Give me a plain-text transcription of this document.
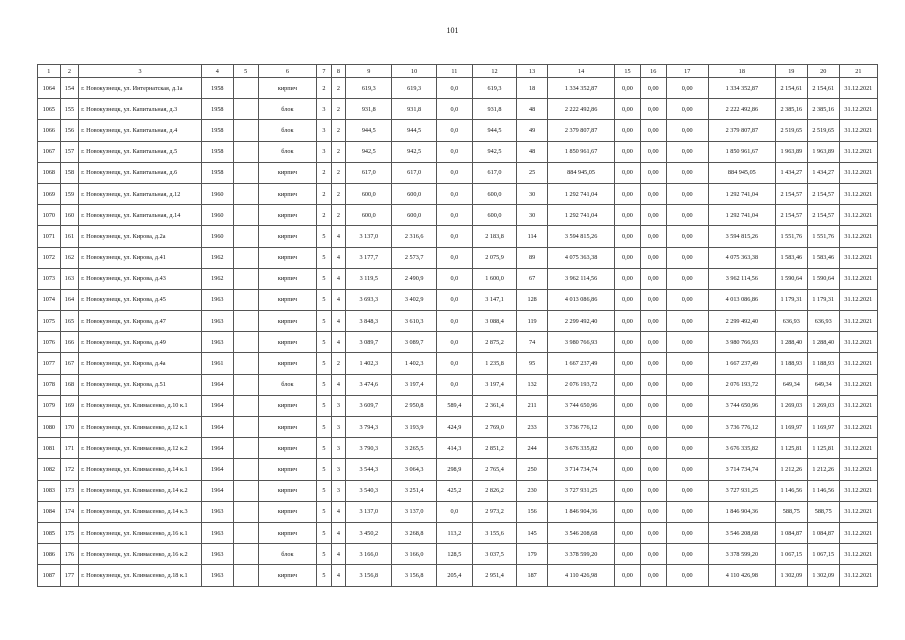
101
1	2	3	4	5	6	7	8	9	10	11	12	13	14	15	16	17	18	19	20	21
1064	154	г. Новокузнецк, ул. Интернатская, д.1а	1958		кирпич	2	2	619,3	619,3	0,0	619,3	18	1 334 352,87	0,00	0,00	0,00	1 334 352,87	2 154,61	2 154,61	31.12.2021
1065	155	г. Новокузнецк, ул. Капитальная, д.3	1958		блок	3	2	931,8	931,8	0,0	931,8	48	2 222 492,86	0,00	0,00	0,00	2 222 492,86	2 385,16	2 385,16	31.12.2021
1066	156	г. Новокузнецк, ул. Капитальная, д.4	1958		блок	3	2	944,5	944,5	0,0	944,5	49	2 379 807,87	0,00	0,00	0,00	2 379 807,87	2 519,65	2 519,65	31.12.2021
1067	157	г. Новокузнецк, ул. Капитальная, д.5	1958		блок	3	2	942,5	942,5	0,0	942,5	48	1 850 961,67	0,00	0,00	0,00	1 850 961,67	1 963,89	1 963,89	31.12.2021
1068	158	г. Новокузнецк, ул. Капитальная, д.6	1958		кирпич	2	2	617,0	617,0	0,0	617,0	25	884 945,05	0,00	0,00	0,00	884 945,05	1 434,27	1 434,27	31.12.2021
1069	159	г. Новокузнецк, ул. Капитальная, д.12	1960		кирпич	2	2	600,0	600,0	0,0	600,0	30	1 292 741,04	0,00	0,00	0,00	1 292 741,04	2 154,57	2 154,57	31.12.2021
1070	160	г. Новокузнецк, ул. Капитальная, д.14	1960		кирпич	2	2	600,0	600,0	0,0	600,0	30	1 292 741,04	0,00	0,00	0,00	1 292 741,04	2 154,57	2 154,57	31.12.2021
1071	161	г. Новокузнецк, ул. Кирова, д.2а	1960		кирпич	5	4	3 137,0	2 316,6	0,0	2 183,8	114	3 594 815,26	0,00	0,00	0,00	3 594 815,26	1 551,76	1 551,76	31.12.2021
1072	162	г. Новокузнецк, ул. Кирова, д.41	1962		кирпич	5	4	3 177,7	2 573,7	0,0	2 075,9	89	4 075 363,38	0,00	0,00	0,00	4 075 363,38	1 583,46	1 583,46	31.12.2021
1073	163	г. Новокузнецк, ул. Кирова, д.43	1962		кирпич	5	4	3 119,5	2 490,9	0,0	1 600,0	67	3 962 114,56	0,00	0,00	0,00	3 962 114,56	1 590,64	1 590,64	31.12.2021
1074	164	г. Новокузнецк, ул. Кирова, д.45	1963		кирпич	5	4	3 693,3	3 402,9	0,0	3 147,1	128	4 013 086,86	0,00	0,00	0,00	4 013 086,86	1 179,31	1 179,31	31.12.2021
1075	165	г. Новокузнецк, ул. Кирова, д.47	1963		кирпич	5	4	3 848,3	3 610,3	0,0	3 088,4	119	2 299 492,40	0,00	0,00	0,00	2 299 492,40	636,93	636,93	31.12.2021
1076	166	г. Новокузнецк, ул. Кирова, д.49	1963		кирпич	5	4	3 089,7	3 089,7	0,0	2 875,2	74	3 980 766,93	0,00	0,00	0,00	3 980 766,93	1 288,40	1 288,40	31.12.2021
1077	167	г. Новокузнецк, ул. Кирова, д.4а	1961		кирпич	5	2	1 402,3	1 402,3	0,0	1 235,8	95	1 667 237,49	0,00	0,00	0,00	1 667 237,49	1 188,93	1 188,93	31.12.2021
1078	168	г. Новокузнецк, ул. Кирова, д.51	1964		блок	5	4	3 474,6	3 197,4	0,0	3 197,4	132	2 076 193,72	0,00	0,00	0,00	2 076 193,72	649,34	649,34	31.12.2021
1079	169	г. Новокузнецк, ул. Климасенко, д.10 к.1	1964		кирпич	5	3	3 609,7	2 950,8	589,4	2 361,4	211	3 744 650,96	0,00	0,00	0,00	3 744 650,96	1 269,03	1 269,03	31.12.2021
1080	170	г. Новокузнецк, ул. Климасенко, д.12 к.1	1964		кирпич	5	3	3 794,3	3 193,9	424,9	2 769,0	233	3 736 776,12	0,00	0,00	0,00	3 736 776,12	1 169,97	1 169,97	31.12.2021
1081	171	г. Новокузнецк, ул. Климасенко, д.12 к.2	1964		кирпич	5	3	3 790,3	3 265,5	414,3	2 851,2	244	3 676 335,82	0,00	0,00	0,00	3 676 335,82	1 125,81	1 125,81	31.12.2021
1082	172	г. Новокузнецк, ул. Климасенко, д.14 к.1	1964		кирпич	5	3	3 544,3	3 064,3	298,9	2 765,4	250	3 714 734,74	0,00	0,00	0,00	3 714 734,74	1 212,26	1 212,26	31.12.2021
1083	173	г. Новокузнецк, ул. Климасенко, д.14 к.2	1964		кирпич	5	3	3 540,3	3 251,4	425,2	2 826,2	230	3 727 931,25	0,00	0,00	0,00	3 727 931,25	1 146,56	1 146,56	31.12.2021
1084	174	г. Новокузнецк, ул. Климасенко, д.14 к.3	1963		кирпич	5	4	3 137,0	3 137,0	0,0	2 973,2	156	1 846 904,36	0,00	0,00	0,00	1 846 904,36	588,75	588,75	31.12.2021
1085	175	г. Новокузнецк, ул. Климасенко, д.16 к.1	1963		кирпич	5	4	3 450,2	3 268,8	113,2	3 155,6	145	3 546 208,68	0,00	0,00	0,00	3 546 208,68	1 084,87	1 084,87	31.12.2021
1086	176	г. Новокузнецк, ул. Климасенко, д.16 к.2	1963		блок	5	4	3 166,0	3 166,0	128,5	3 037,5	179	3 378 599,20	0,00	0,00	0,00	3 378 599,20	1 067,15	1 067,15	31.12.2021
1087	177	г. Новокузнецк, ул. Климасенко, д.18 к.1	1963		кирпич	5	4	3 156,8	3 156,8	205,4	2 951,4	187	4 110 426,98	0,00	0,00	0,00	4 110 426,98	1 302,09	1 302,09	31.12.2021
